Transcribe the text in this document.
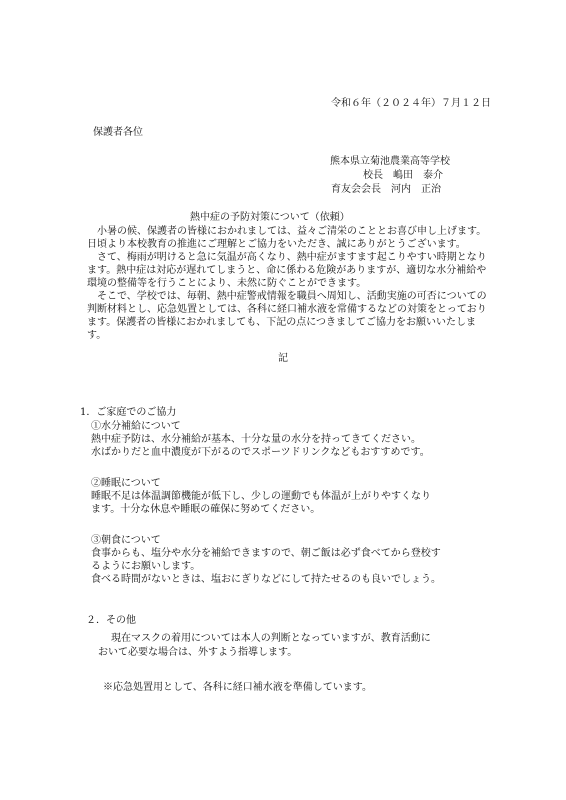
令和６年（２０２４年）７月１２日
保護者各位
熊本県立菊池農業高等学校
校長　嶋田　泰介
育友会会長　河内　正治
熱中症の予防対策について（依頼）

小暑の候、保護者の皆様におかれましては、益々ご清栄のこととお喜び申し上げます。日頃より本校教育の推進にご理解とご協力をいただき、誠にありがとうございます。

さて、梅雨が明けると急に気温が高くなり、熱中症がますます起こりやすい時期となります。熱中症は対応が遅れてしまうと、命に係わる危険がありますが、適切な水分補給や環境の整備等を行うことにより、未然に防ぐことができます。

そこで、学校では、毎朝、熱中症警戒情報を職員へ周知し、活動実施の可否についての判断材料とし、応急処置としては、各科に経口補水液を常備するなどの対策をとっております。保護者の皆様におかれましても、下記の点につきましてご協力をお願いいたします。

記
1．ご家庭でのご協力
①水分補給について
熱中症予防は、水分補給が基本、十分な量の水分を持ってきてください。
水ばかりだと血中濃度が下がるのでスポーツドリンクなどもおすすめです。
②睡眠について
睡眠不足は体温調節機能が低下し、少しの運動でも体温が上がりやすくなり
ます。十分な休息や睡眠の確保に努めてください。
③朝食について
食事からも、塩分や水分を補給できますので、朝ご飯は必ず食べてから登校す
るようにお願いします。
食べる時間がないときは、塩おにぎりなどにして持たせるのも良いでしょう。
２．その他
現在マスクの着用については本人の判断となっていますが、教育活動に
おいて必要な場合は、外すよう指導します。
※応急処置用として、各科に経口補水液を準備しています。
